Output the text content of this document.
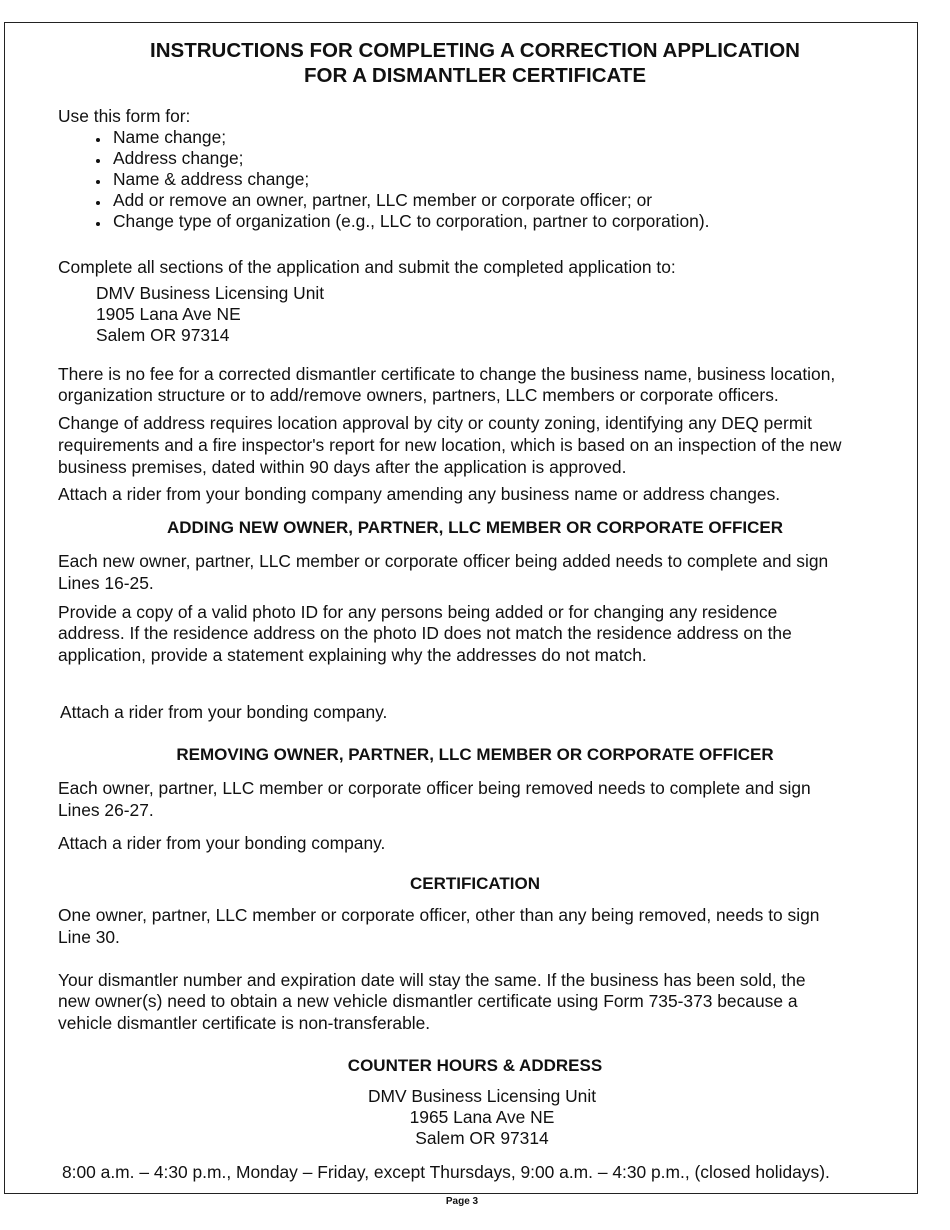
INSTRUCTIONS FOR COMPLETING A CORRECTION APPLICATION
FOR A DISMANTLER CERTIFICATE
Use this form for:
Name change;
Address change;
Name & address change;
Add or remove an owner, partner, LLC member or corporate officer; or
Change type of organization (e.g., LLC to corporation, partner to corporation).
Complete all sections of the application and submit the completed application to:
DMV Business Licensing Unit
1905 Lana Ave NE
Salem OR 97314
There is no fee for a corrected dismantler certificate to change the business name, business location,
organization structure or to add/remove owners, partners, LLC members or corporate officers.
Change of address requires location approval by city or county zoning, identifying any DEQ permit
requirements and a fire inspector's report for new location, which is based on an inspection of the new
business premises, dated within 90 days after the application is approved.
Attach a rider from your bonding company amending any business name or address changes.
ADDING NEW OWNER, PARTNER, LLC MEMBER OR CORPORATE OFFICER
Each new owner, partner, LLC member or corporate officer being added needs to complete and sign
Lines 16-25.
Provide a copy of a valid photo ID for any persons being added or for changing any residence
address. If the residence address on the photo ID does not match the residence address on the
application, provide a statement explaining why the addresses do not match.
Attach a rider from your bonding company.
REMOVING OWNER, PARTNER, LLC MEMBER OR CORPORATE OFFICER
Each owner, partner, LLC member or corporate officer being removed needs to complete and sign
Lines 26-27.
Attach a rider from your bonding company.
CERTIFICATION
One owner, partner, LLC member or corporate officer, other than any being removed, needs to sign
Line 30.
Your dismantler number and expiration date will stay the same. If the business has been sold, the
new owner(s) need to obtain a new vehicle dismantler certificate using Form 735-373 because a
vehicle dismantler certificate is non-transferable.
COUNTER HOURS & ADDRESS
DMV Business Licensing Unit
1965 Lana Ave NE
Salem OR 97314
8:00 a.m. – 4:30 p.m., Monday – Friday, except Thursdays, 9:00 a.m. – 4:30 p.m., (closed holidays).
Page 3
